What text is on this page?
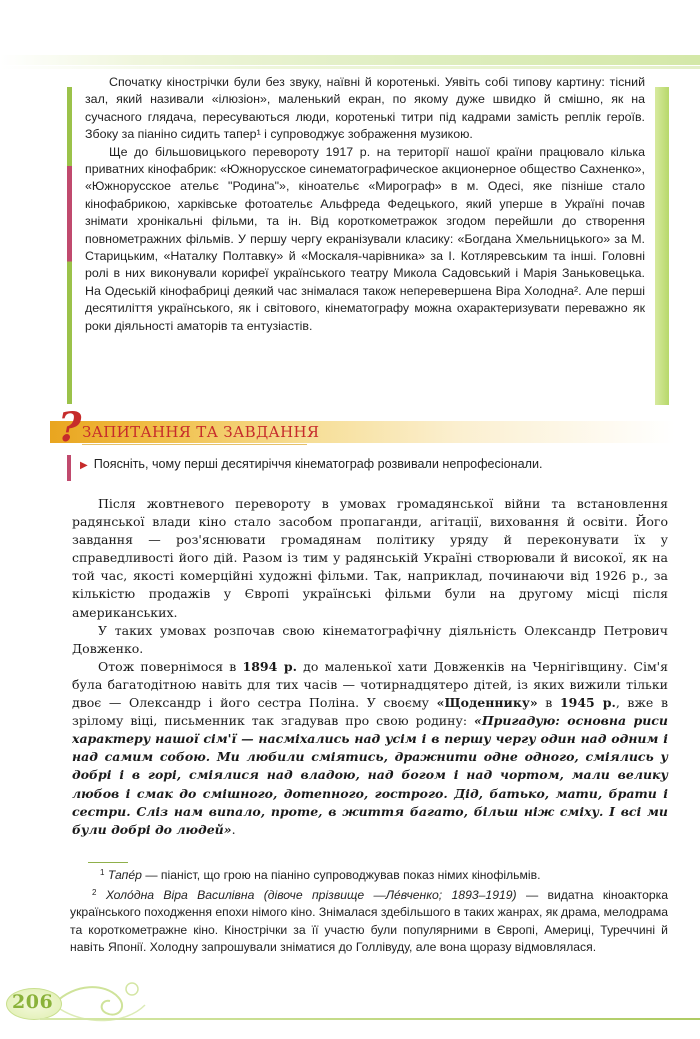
Спочатку кінострічки були без звуку, наївні й коротенькі. Уявіть собі типову картину: тісний зал, який називали «ілюзіон», маленький екран, по якому дуже швидко й смішно, як на сучасного глядача, пересуваються люди, коротенькі титри під кадрами замість реплік героїв. Збоку за піаніно сидить тапер¹ і супроводжує зображення музикою.

Ще до більшовицького перевороту 1917 р. на території нашої країни працювало кілька приватних кінофабрик: «Южнорусское синематографическое акционерное общество Сахненко», «Южнорусское ательє "Родина"», кіноательє «Мирограф» в м. Одесі, яке пізніше стало кінофабрикою, харківське фотоательє Альфреда Федецького, який уперше в Україні почав знімати хронікальні фільми, та ін. Від короткометражок згодом перейшли до створення повнометражних фільмів. У першу чергу екранізували класику: «Богдана Хмельницького» за М. Старицьким, «Наталку Полтавку» й «Москаля-чарівника» за І. Котляревським та інші. Головні ролі в них виконували корифеї українського театру Микола Садовський і Марія Заньковецька. На Одеській кінофабриці деякий час знімалася також неперевершена Віра Холодна². Але перші десятиліття українського, як і світового, кінематографу можна охарактеризувати переважно як роки діяльності аматорів та ентузіастів.

? ЗАПИТАННЯ ТА ЗАВДАННЯ
▶ Поясніть, чому перші десятиріччя кінематограф розвивали непрофесіонали.

Після жовтневого перевороту в умовах громадянської війни та встановлення радянської влади кіно стало засобом пропаганди, агітації, виховання й освіти. Його завдання — роз'яснювати громадянам політику уряду й переконувати їх у справедливості його дій. Разом із тим у радянській Україні створювали й високої, як на той час, якості комерційні художні фільми. Так, наприклад, починаючи від 1926 р., за кількістю продажів у Європі українські фільми були на другому місці після американських.

У таких умовах розпочав свою кінематографічну діяльність Олександр Петрович Довженко.

Отож повернімося в 1894 р. до маленької хати Довженків на Чернігівщину. Сім'я була багатодітною навіть для тих часів — чотирнадцятеро дітей, із яких вижили тільки двоє — Олександр і його сестра Поліна. У своєму «Щоденнику» в 1945 р., вже в зрілому віці, письменник так згадував про свою родину: «Пригадую: основна риси характеру нашої сім'ї — насміхались над усім і в першу чергу один над одним і над самим собою. Ми любили сміятись, дражнити одне одного, сміялись у добрі і в горі, сміялися над владою, над богом і над чортом, мали велику любов і смак до смішного, дотепного, гострого. Дід, батько, мати, брати і сестри. Сліз нам випало, проте, в життя багато, більш ніж сміху. І всі ми були добрі до людей».

$^1$ Тапе́р — піаніст, що грою на піаніно супроводжував показ німих кінофільмів.

$^2$ Холо́дна Віра Василівна (дівоче прізвище —Ле́вченко; 1893–1919) — видатна кіноакторка українського походження епохи німого кіно. Знімалася здебільшого в таких жанрах, як драма, мелодрама та короткометражне кіно. Кінострічки за її участю були популярними в Європі, Америці, Туреччині й навіть Японії. Холодну запрошували зніматися до Голлівуду, але вона щоразу відмовлялася.

206
